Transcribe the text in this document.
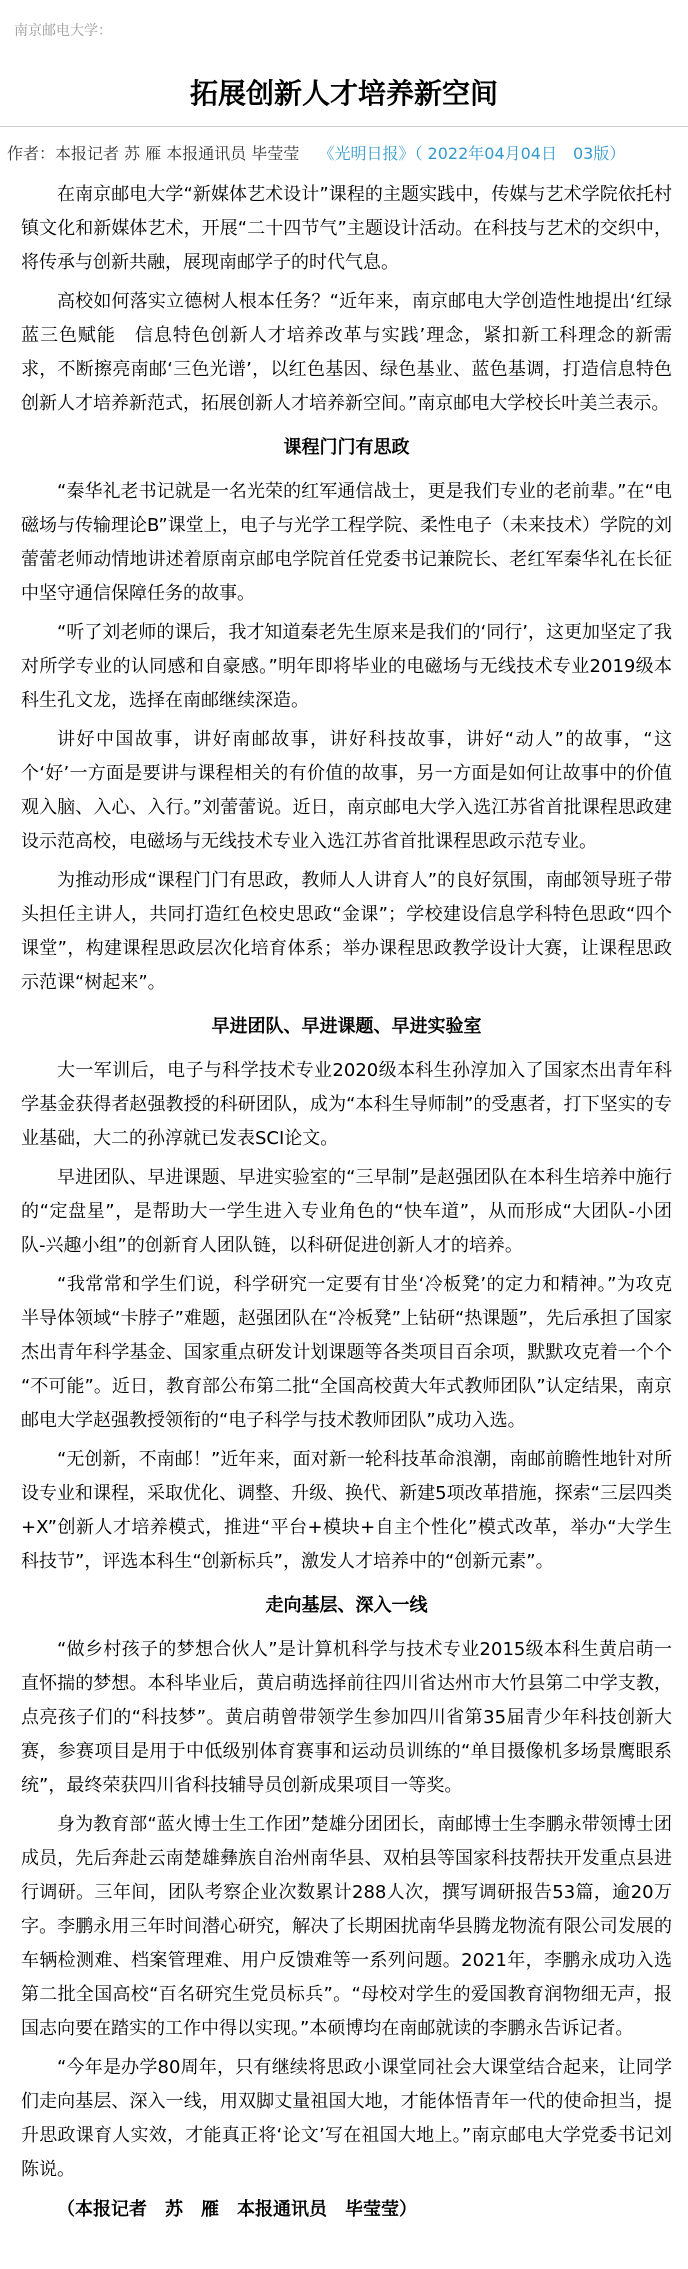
南京邮电大学：
拓展创新人才培养新空间
作者：本报记者 苏 雁 本报通讯员 毕莹莹 《光明日报》（ 2022年04月04日　03版）

在南京邮电大学“新媒体艺术设计”课程的主题实践中，传媒与艺术学院依托村镇文化和新媒体艺术，开展“二十四节气”主题设计活动。在科技与艺术的交织中，将传承与创新共融，展现南邮学子的时代气息。

高校如何落实立德树人根本任务？“近年来，南京邮电大学创造性地提出‘红绿蓝三色赋能　信息特色创新人才培养改革与实践’理念，紧扣新工科理念的新需求，不断擦亮南邮‘三色光谱’，以红色基因、绿色基业、蓝色基调，打造信息特色创新人才培养新范式，拓展创新人才培养新空间。”南京邮电大学校长叶美兰表示。

课程门门有思政

“秦华礼老书记就是一名光荣的红军通信战士，更是我们专业的老前辈。”在“电磁场与传输理论B”课堂上，电子与光学工程学院、柔性电子（未来技术）学院的刘蕾蕾老师动情地讲述着原南京邮电学院首任党委书记兼院长、老红军秦华礼在长征中坚守通信保障任务的故事。

“听了刘老师的课后，我才知道秦老先生原来是我们的‘同行’，这更加坚定了我对所学专业的认同感和自豪感。”明年即将毕业的电磁场与无线技术专业2019级本科生孔文龙，选择在南邮继续深造。

讲好中国故事，讲好南邮故事，讲好科技故事，讲好“动人”的故事，“这个‘好’一方面是要讲与课程相关的有价值的故事，另一方面是如何让故事中的价值观入脑、入心、入行。”刘蕾蕾说。近日，南京邮电大学入选江苏省首批课程思政建设示范高校，电磁场与无线技术专业入选江苏省首批课程思政示范专业。

为推动形成“课程门门有思政，教师人人讲育人”的良好氛围，南邮领导班子带头担任主讲人，共同打造红色校史思政“金课”；学校建设信息学科特色思政“四个课堂”，构建课程思政层次化培育体系；举办课程思政教学设计大赛，让课程思政示范课“树起来”。

早进团队、早进课题、早进实验室

大一军训后，电子与科学技术专业2020级本科生孙淳加入了国家杰出青年科学基金获得者赵强教授的科研团队，成为“本科生导师制”的受惠者，打下坚实的专业基础，大二的孙淳就已发表SCI论文。

早进团队、早进课题、早进实验室的“三早制”是赵强团队在本科生培养中施行的“定盘星”，是帮助大一学生进入专业角色的“快车道”，从而形成“大团队-小团队-兴趣小组”的创新育人团队链，以科研促进创新人才的培养。

“我常常和学生们说，科学研究一定要有甘坐‘冷板凳’的定力和精神。”为攻克半导体领域“卡脖子”难题，赵强团队在“冷板凳”上钻研“热课题”，先后承担了国家杰出青年科学基金、国家重点研发计划课题等各类项目百余项，默默攻克着一个个“不可能”。近日，教育部公布第二批“全国高校黄大年式教师团队”认定结果，南京邮电大学赵强教授领衔的“电子科学与技术教师团队”成功入选。

“无创新，不南邮！”近年来，面对新一轮科技革命浪潮，南邮前瞻性地针对所设专业和课程，采取优化、调整、升级、换代、新建5项改革措施，探索“三层四类+X”创新人才培养模式，推进“平台+模块+自主个性化”模式改革，举办“大学生科技节”，评选本科生“创新标兵”，激发人才培养中的“创新元素”。

走向基层、深入一线

“做乡村孩子的梦想合伙人”是计算机科学与技术专业2015级本科生黄启萌一直怀揣的梦想。本科毕业后，黄启萌选择前往四川省达州市大竹县第二中学支教，点亮孩子们的“科技梦”。黄启萌曾带领学生参加四川省第35届青少年科技创新大赛，参赛项目是用于中低级别体育赛事和运动员训练的“单目摄像机多场景鹰眼系统”，最终荣获四川省科技辅导员创新成果项目一等奖。

身为教育部“蓝火博士生工作团”楚雄分团团长，南邮博士生李鹏永带领博士团成员，先后奔赴云南楚雄彝族自治州南华县、双柏县等国家科技帮扶开发重点县进行调研。三年间，团队考察企业次数累计288人次，撰写调研报告53篇，逾20万字。李鹏永用三年时间潜心研究，解决了长期困扰南华县腾龙物流有限公司发展的车辆检测难、档案管理难、用户反馈难等一系列问题。2021年，李鹏永成功入选第二批全国高校“百名研究生党员标兵”。“母校对学生的爱国教育润物细无声，报国志向要在踏实的工作中得以实现。”本硕博均在南邮就读的李鹏永告诉记者。

“今年是办学80周年，只有继续将思政小课堂同社会大课堂结合起来，让同学们走向基层、深入一线，用双脚丈量祖国大地，才能体悟青年一代的使命担当，提升思政课育人实效，才能真正将‘论文’写在祖国大地上。”南京邮电大学党委书记刘陈说。

（本报记者　苏　雁　本报通讯员　毕莹莹）
